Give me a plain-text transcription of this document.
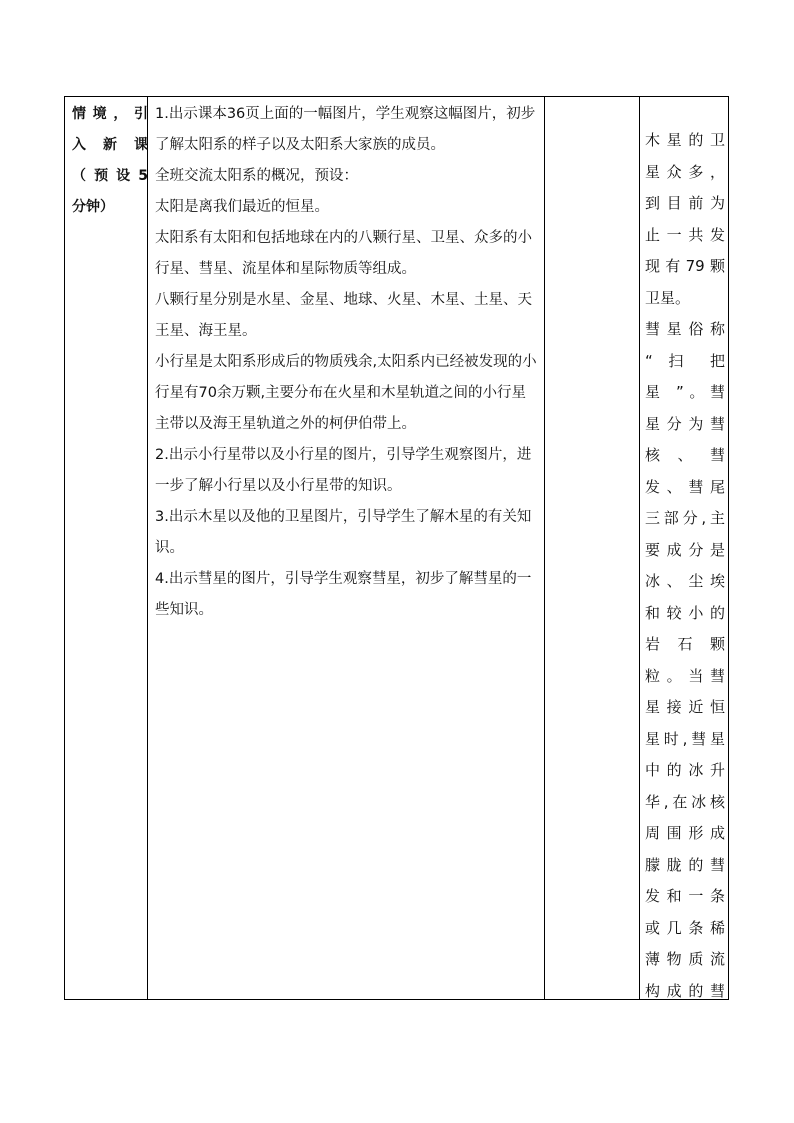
情境，引
入 新 课
（预设5
分钟）

1.出示课本36页上面的一幅图片，学生观察这幅图片，初步了解太阳系的样子以及太阳系大家族的成员。

全班交流太阳系的概况，预设：

太阳是离我们最近的恒星。

太阳系有太阳和包括地球在内的八颗行星、卫星、众多的小行星、彗星、流星体和星际物质等组成。

八颗行星分别是水星、金星、地球、火星、木星、土星、天王星、海王星。

小行星是太阳系形成后的物质残余,太阳系内已经被发现的小行星有70余万颗,主要分布在火星和木星轨道之间的小行星主带以及海王星轨道之外的柯伊伯带上。

2.出示小行星带以及小行星的图片，引导学生观察图片，进一步了解小行星以及小行星带的知识。

3.出示木星以及他的卫星图片，引导学生了解木星的有关知识。

4.出示彗星的图片，引导学生观察彗星，初步了解彗星的一些知识。

木星的卫
星众多，
到目前为
止一共发
现有79颗
卫星。
彗星俗称
“ 扫 把
星 ”。彗
星分为彗
核 、 彗
发、彗尾
三部分,主
要成分是
冰、尘埃
和较小的
岩 石 颗
粒。当彗
星接近恒
星时,彗星
中的冰升
华,在冰核
周围形成
朦胧的彗
发和一条
或几条稀
薄物质流
构成的彗
